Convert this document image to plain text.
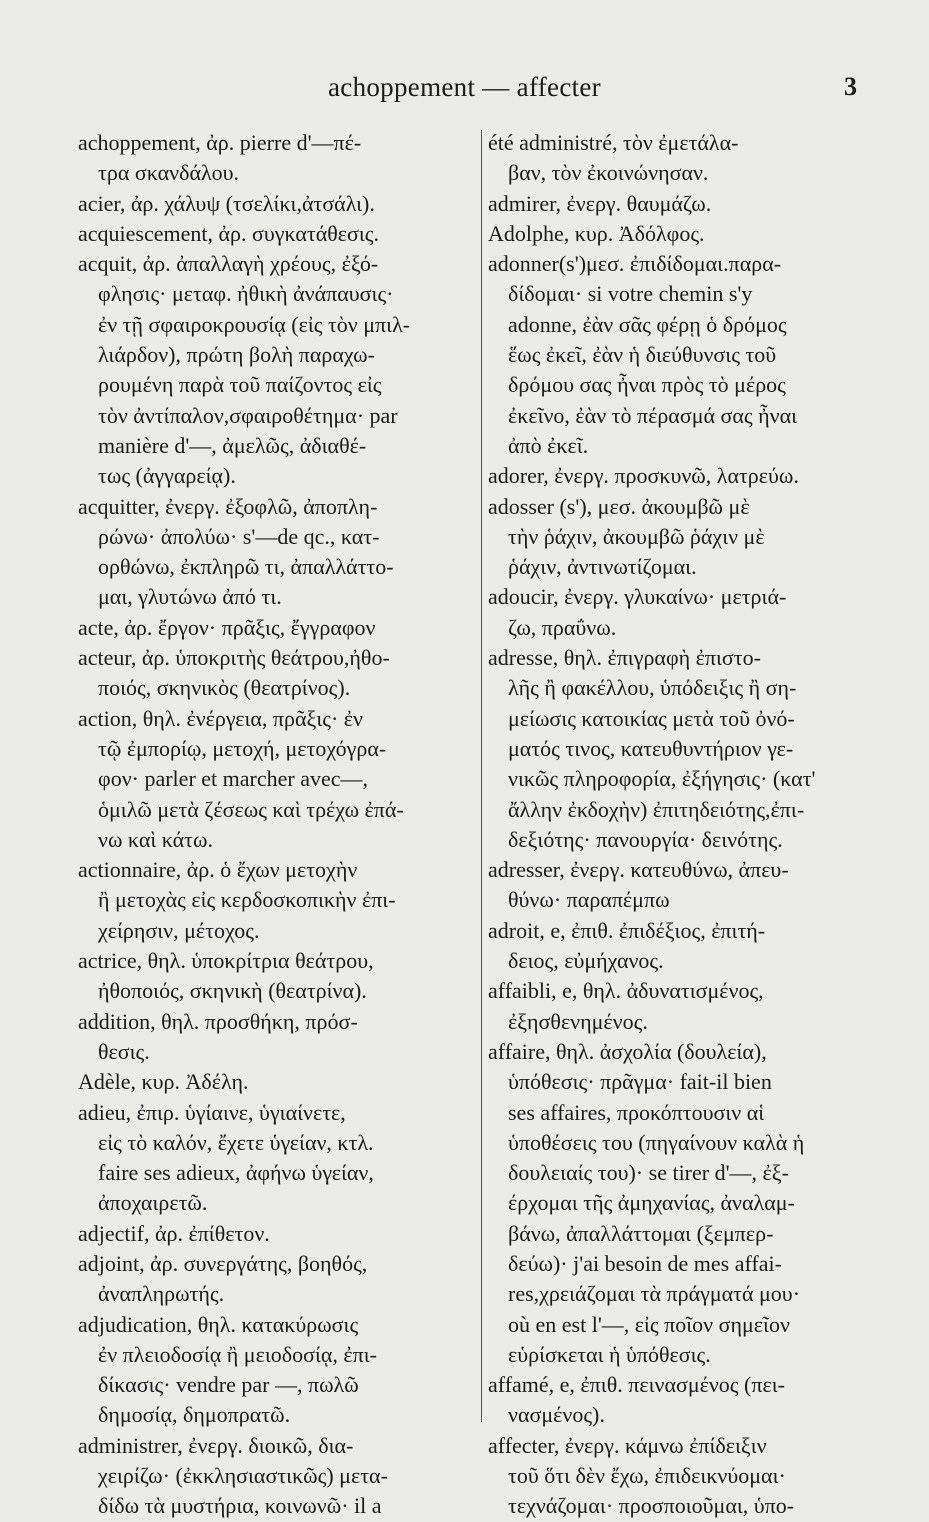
achoppement — affecter	3
achoppement, ἀρ. pierre d'—πέ-
τρα σκανδάλου.
acier, ἀρ. χάλυψ (τσελίκι,ἀτσάλι).
acquiescement, ἀρ. συγκατάθεσις.
acquit, ἀρ. ἀπαλλαγὴ χρέους, ἐξό-
φλησις· μεταφ. ἠθικὴ ἀνάπαυσις·
ἐν τῇ σφαιροκρουσίᾳ (εἰς τὸν μπιλ-
λιάρδον), πρώτη βολὴ παραχω-
ρουμένη παρὰ τοῦ παίζοντος εἰς
τὸν ἀντίπαλον,σφαιροθέτημα· par
manière d'—, ἀμελῶς, ἀδιαθέ-
τως (ἀγγαρείᾳ).
acquitter, ἐνεργ. ἐξοφλῶ, ἀποπλη-
ρώνω· ἀπολύω· s'—de qc., κατ-
ορθώνω, ἐκπληρῶ τι, ἀπαλλάττο-
μαι, γλυτώνω ἀπό τι.
acte, ἀρ. ἔργον· πρᾶξις, ἔγγραφον
acteur, ἀρ. ὑποκριτὴς θεάτρου,ἠθο-
ποιός, σκηνικὸς (θεατρίνος).
action, θηλ. ἐνέργεια, πρᾶξις· ἐν
τῷ ἐμπορίῳ, μετοχή, μετοχόγρα-
φον· parler et marcher avec—,
ὁμιλῶ μετὰ ζέσεως καὶ τρέχω ἐπά-
νω καὶ κάτω.
actionnaire, ἀρ. ὁ ἔχων μετοχὴν
ἢ μετοχὰς εἰς κερδοσκοπικὴν ἐπι-
χείρησιν, μέτοχος.
actrice, θηλ. ὑποκρίτρια θεάτρου,
ἠθοποιός, σκηνικὴ (θεατρίνα).
addition, θηλ. προσθήκη, πρόσ-
θεσις.
Adèle, κυρ. Ἀδέλη.
adieu, ἐπιρ. ὑγίαινε, ὑγιαίνετε,
εἰς τὸ καλόν, ἔχετε ὑγείαν, κτλ.
faire ses adieux, ἀφήνω ὑγείαν,
ἀποχαιρετῶ.
adjectif, ἀρ. ἐπίθετον.
adjoint, ἀρ. συνεργάτης, βοηθός,
ἀναπληρωτής.
adjudication, θηλ. κατακύρωσις
ἐν πλειοδοσίᾳ ἢ μειοδοσίᾳ, ἐπι-
δίκασις· vendre par —, πωλῶ
δημοσίᾳ, δημοπρατῶ.
administrer, ἐνεργ. διοικῶ, δια-
χειρίζω· (ἐκκλησιαστικῶς) μετα-
δίδω τὰ μυστήρια, κοινωνῶ· il a
été administré, τὸν ἐμετάλα-
βαν, τὸν ἐκοινώνησαν.
admirer, ἐνεργ. θαυμάζω.
Adolphe, κυρ. Ἀδόλφος.
adonner(s')μεσ. ἐπιδίδομαι.παρα-
δίδομαι· si votre chemin s'y
adonne, ἐὰν σᾶς φέρῃ ὁ δρόμος
ἕως ἐκεῖ, ἐὰν ἡ διεύθυνσις τοῦ
δρόμου σας ἦναι πρὸς τὸ μέρος
ἐκεῖνο, ἐὰν τὸ πέρασμά σας ἦναι
ἀπὸ ἐκεῖ.
adorer, ἐνεργ. προσκυνῶ, λατρεύω.
adosser (s'), μεσ. ἀκουμβῶ μὲ
τὴν ῥάχιν, ἀκουμβῶ ῥάχιν μὲ
ῥάχιν, ἀντινωτίζομαι.
adoucir, ἐνεργ. γλυκαίνω· μετριά-
ζω, πραΰνω.
adresse, θηλ. ἐπιγραφὴ ἐπιστο-
λῆς ἢ φακέλλου, ὑπόδειξις ἢ ση-
μείωσις κατοικίας μετὰ τοῦ ὀνό-
ματός τινος, κατευθυντήριον γε-
νικῶς πληροφορία, ἐξήγησις· (κατ'
ἄλλην ἐκδοχὴν) ἐπιτηδειότης,ἐπι-
δεξιότης· πανουργία· δεινότης.
adresser, ἐνεργ. κατευθύνω, ἀπευ-
θύνω· παραπέμπω
adroit, e, ἐπιθ. ἐπιδέξιος, ἐπιτή-
δειος, εὐμήχανος.
affaibli, e, θηλ. ἀδυνατισμένος,
ἐξησθενημένος.
affaire, θηλ. ἀσχολία (δουλεία),
ὑπόθεσις· πρᾶγμα· fait-il bien
ses affaires, προκόπτουσιν αἱ
ὑποθέσεις του (πηγαίνουν καλὰ ἡ
δουλειαίς του)· se tirer d'—, ἐξ-
έρχομαι τῆς ἀμηχανίας, ἀναλαμ-
βάνω, ἀπαλλάττομαι (ξεμπερ-
δεύω)· j'ai besoin de mes affai-
res,χρειάζομαι τὰ πράγματά μου·
où en est l'—, εἰς ποῖον σημεῖον
εὑρίσκεται ἡ ὑπόθεσις.
affamé, e, ἐπιθ. πεινασμένος (πει-
νασμένος).
affecter, ἐνεργ. κάμνω ἐπίδειξιν
τοῦ ὅτι δὲν ἔχω, ἐπιδεικνύομαι·
τεχνάζομαι· προσποιοῦμαι, ὑπο-
